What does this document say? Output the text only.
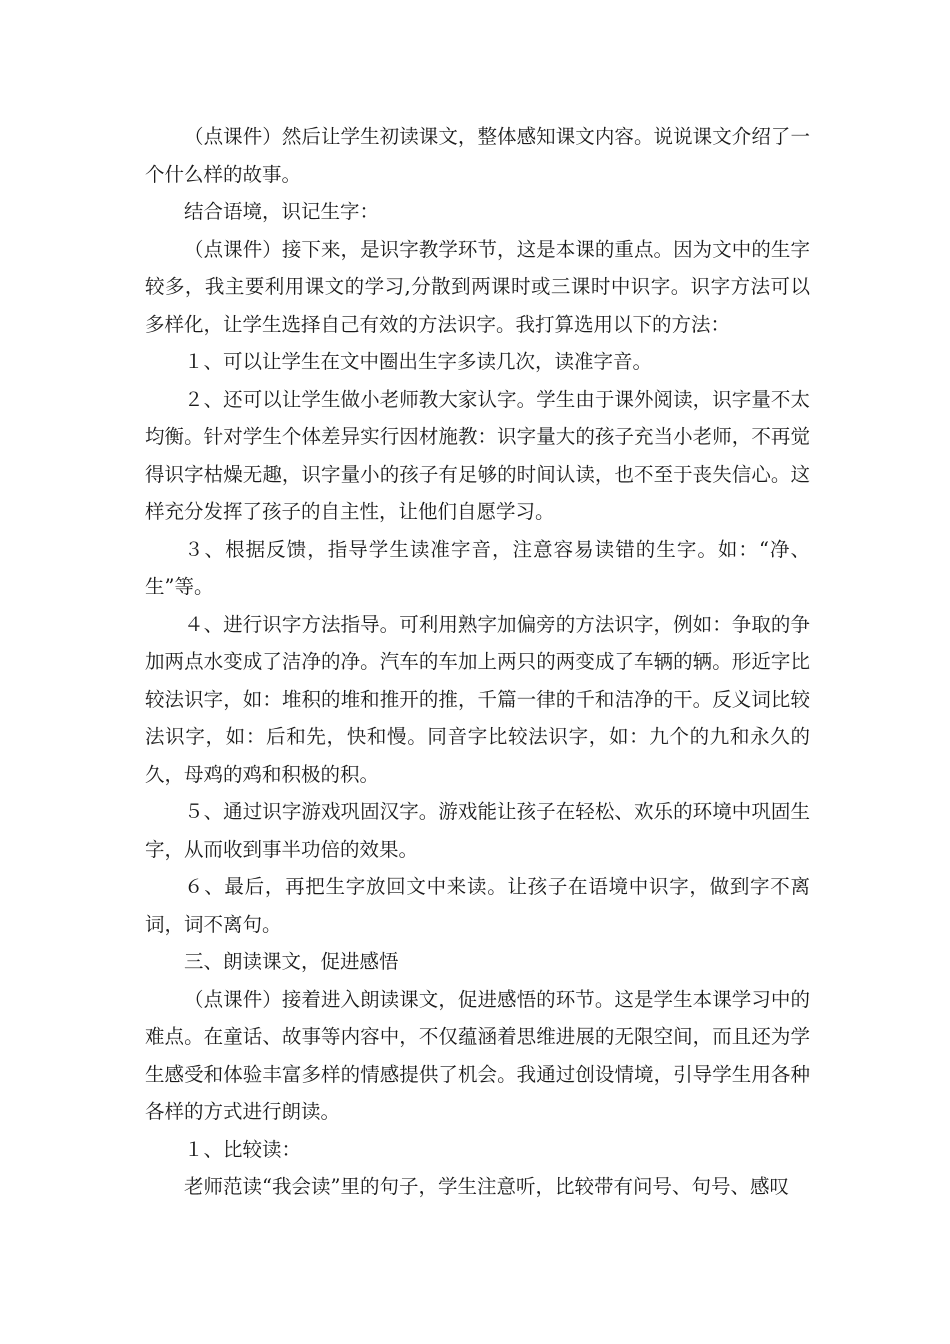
（点课件）然后让学生初读课文，整体感知课文内容。说说课文介绍了一个什么样的故事。

结合语境，识记生字：

（点课件）接下来，是识字教学环节，这是本课的重点。因为文中的生字较多，我主要利用课文的学习,分散到两课时或三课时中识字。识字方法可以多样化，让学生选择自己有效的方法识字。我打算选用以下的方法：

１、可以让学生在文中圈出生字多读几次，读准字音。

２、还可以让学生做小老师教大家认字。学生由于课外阅读，识字量不太均衡。针对学生个体差异实行因材施教：识字量大的孩子充当小老师，不再觉得识字枯燥无趣，识字量小的孩子有足够的时间认读，也不至于丧失信心。这样充分发挥了孩子的自主性，让他们自愿学习。

３、根据反馈，指导学生读准字音，注意容易读错的生字。如：“净、生”等。

４、进行识字方法指导。可利用熟字加偏旁的方法识字，例如：争取的争加两点水变成了洁净的净。汽车的车加上两只的两变成了车辆的辆。形近字比较法识字，如：堆积的堆和推开的推，千篇一律的千和洁净的干。反义词比较法识字，如：后和先，快和慢。同音字比较法识字，如：九个的九和永久的久，母鸡的鸡和积极的积。

５、通过识字游戏巩固汉字。游戏能让孩子在轻松、欢乐的环境中巩固生字，从而收到事半功倍的效果。

６、最后，再把生字放回文中来读。让孩子在语境中识字，做到字不离词，词不离句。

三、朗读课文，促进感悟

（点课件）接着进入朗读课文，促进感悟的环节。这是学生本课学习中的难点。在童话、故事等内容中，不仅蕴涵着思维进展的无限空间，而且还为学生感受和体验丰富多样的情感提供了机会。我通过创设情境，引导学生用各种各样的方式进行朗读。

１、比较读：

老师范读“我会读”里的句子，学生注意听，比较带有问号、句号、感叹
